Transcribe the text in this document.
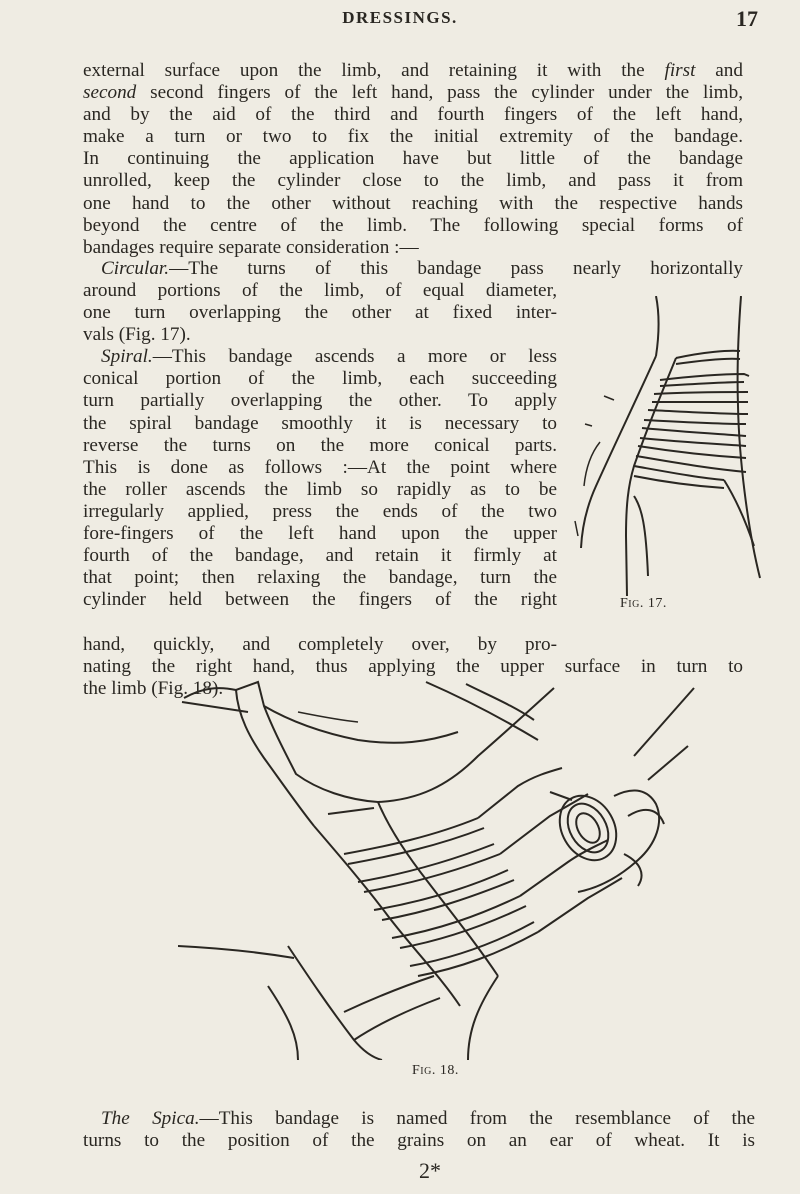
DRESSINGS.	17
external surface upon the limb, and retaining it with the first and
second second fingers of the left hand, pass the cylinder under the limb,
and by the aid of the third and fourth fingers of the left hand,
make a turn or two to fix the initial extremity of the bandage.
In continuing the application have but little of the bandage
unrolled, keep the cylinder close to the limb, and pass it from
one hand to the other without reaching with the respective hands
beyond the centre of the limb. The following special forms of
bandages require separate consideration :—
Circular.—The turns of this bandage pass nearly horizontally
around portions of the limb, of equal diameter,
one turn overlapping the other at fixed inter-
vals (Fig. 17).
Spiral.—This bandage ascends a more or less
conical portion of the limb, each succeeding
turn partially overlapping the other. To apply
the spiral bandage smoothly it is necessary to
reverse the turns on the more conical parts.
This is done as follows :—At the point where
the roller ascends the limb so rapidly as to be
irregularly applied, press the ends of the two
fore-fingers of the left hand upon the upper
fourth of the bandage, and retain it firmly at
that point; then relaxing the bandage, turn the
cylinder held between the fingers of the right	Fig. 17.
hand, quickly, and completely over, by pro-
nating the right hand, thus applying the upper surface in turn to
the limb (Fig. 18).
Fig. 18.
The Spica.—This bandage is named from the resemblance of the
turns to the position of the grains on an ear of wheat. It is
2*
